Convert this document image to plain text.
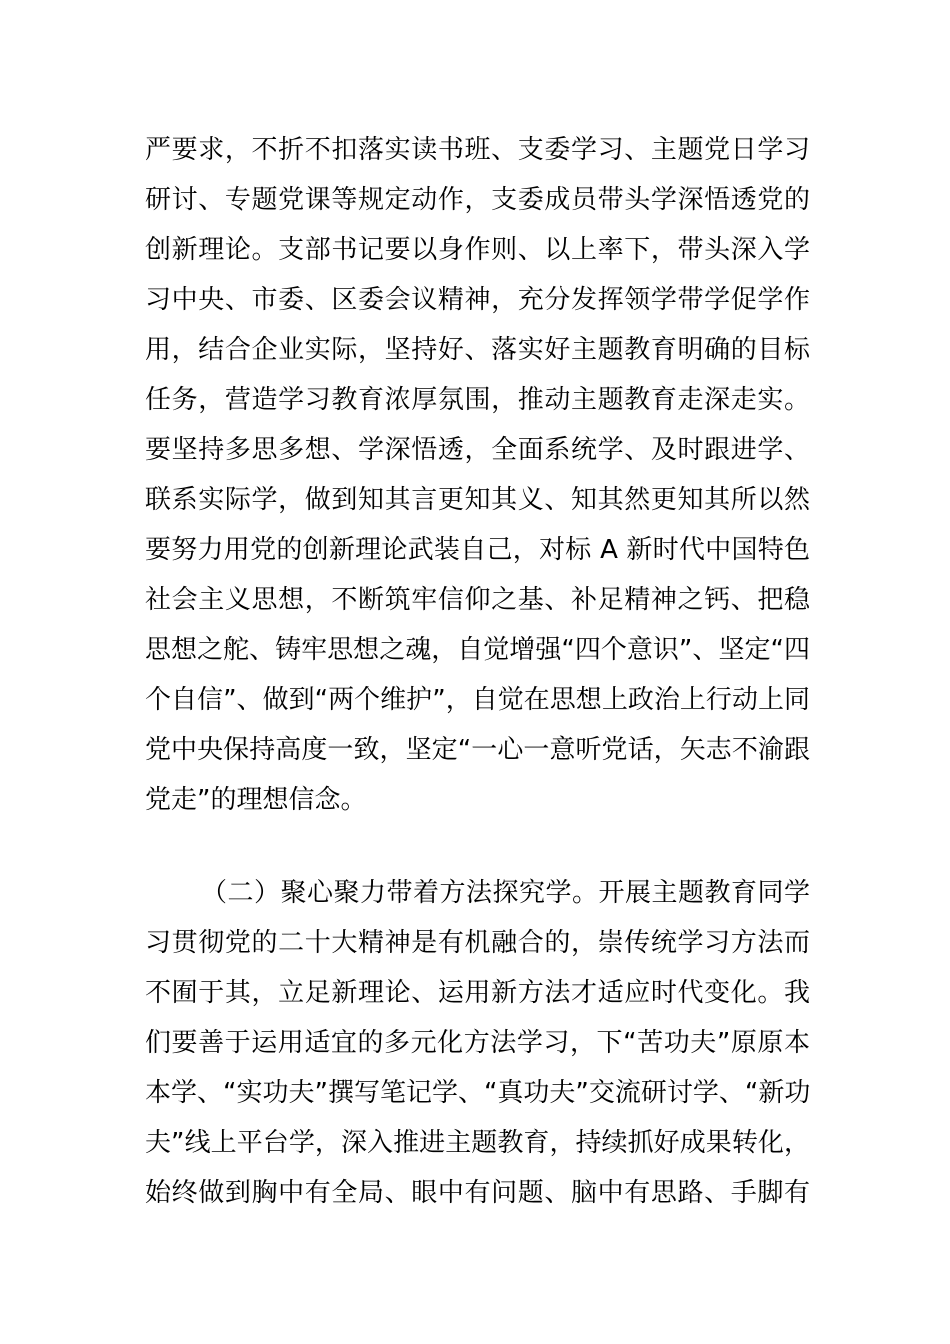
严要求，不折不扣落实读书班、支委学习、主题党日学习
研讨、专题党课等规定动作，支委成员带头学深悟透党的
创新理论。支部书记要以身作则、以上率下，带头深入学
习中央、市委、区委会议精神，充分发挥领学带学促学作
用，结合企业实际，坚持好、落实好主题教育明确的目标
任务，营造学习教育浓厚氛围，推动主题教育走深走实。
要坚持多思多想、学深悟透，全面系统学、及时跟进学、
联系实际学，做到知其言更知其义、知其然更知其所以然
要努力用党的创新理论武装自己，对标 A 新时代中国特色
社会主义思想，不断筑牢信仰之基、补足精神之钙、把稳
思想之舵、铸牢思想之魂，自觉增强“四个意识”、坚定“四
个自信”、做到“两个维护”，自觉在思想上政治上行动上同
党中央保持高度一致，坚定“一心一意听党话，矢志不渝跟
党走”的理想信念。
（二）聚心聚力带着方法探究学。开展主题教育同学
习贯彻党的二十大精神是有机融合的，崇传统学习方法而
不囿于其，立足新理论、运用新方法才适应时代变化。我
们要善于运用适宜的多元化方法学习，下“苦功夫”原原本
本学、“实功夫”撰写笔记学、“真功夫”交流研讨学、“新功
夫”线上平台学，深入推进主题教育，持续抓好成果转化，
始终做到胸中有全局、眼中有问题、脑中有思路、手脚有
